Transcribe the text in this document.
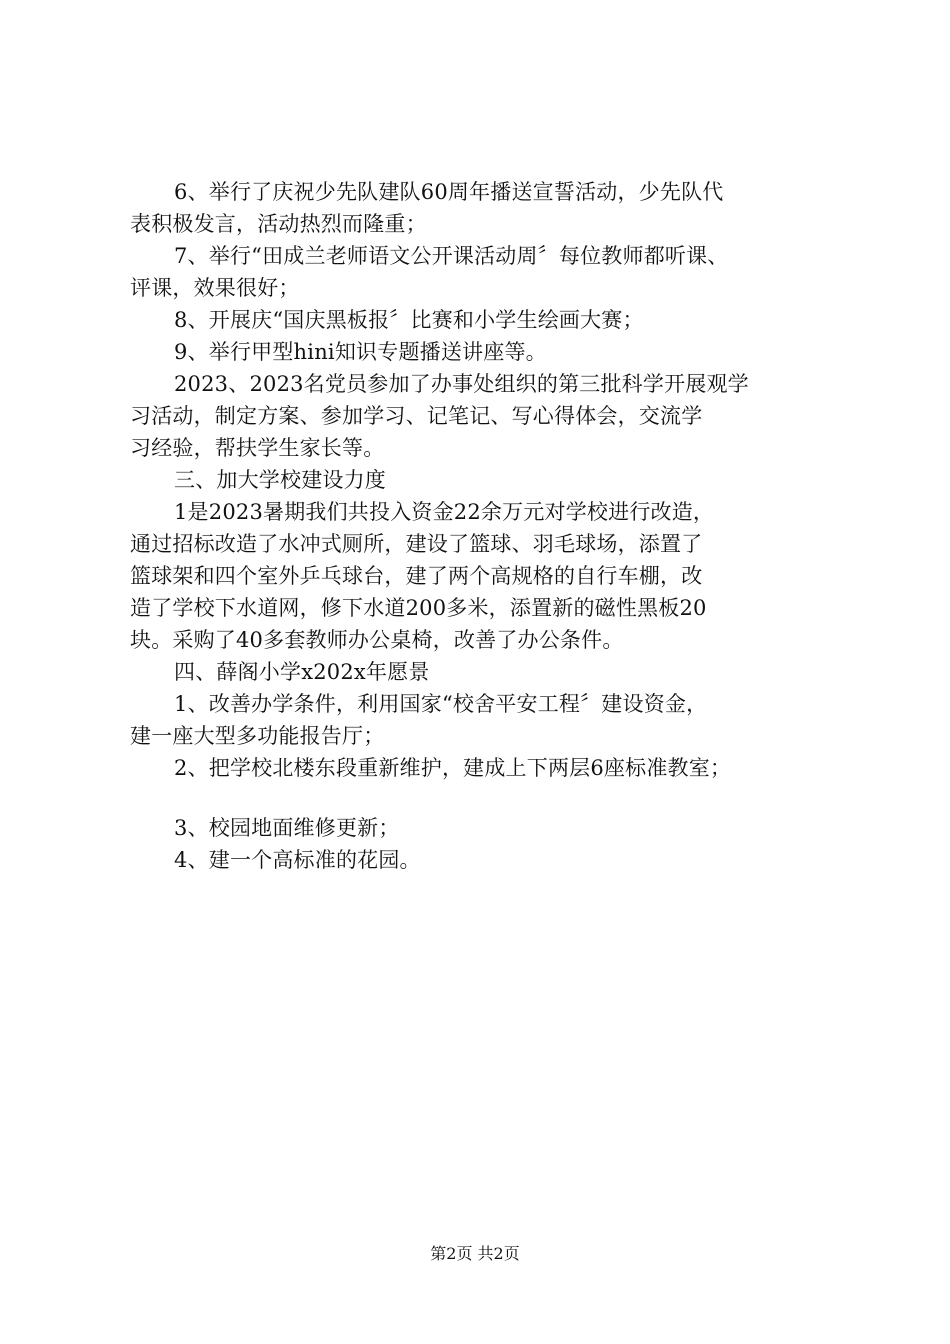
6、举行了庆祝少先队建队60周年播送宣誓活动，少先队代
表积极发言，活动热烈而隆重；
7、举行“田成兰老师语文公开课活动周〞每位教师都听课、
评课，效果很好；
8、开展庆“国庆黑板报〞比赛和小学生绘画大赛；
9、举行甲型hini知识专题播送讲座等。
2023、2023名党员参加了办事处组织的第三批科学开展观学
习活动，制定方案、参加学习、记笔记、写心得体会，交流学
习经验，帮扶学生家长等。
三、加大学校建设力度
1是2023暑期我们共投入资金22余万元对学校进行改造，
通过招标改造了水冲式厕所，建设了篮球、羽毛球场，添置了
篮球架和四个室外乒乓球台，建了两个高规格的自行车棚，改
造了学校下水道网，修下水道200多米，添置新的磁性黑板20
块。采购了40多套教师办公桌椅，改善了办公条件。
四、薛阁小学x202x年愿景
1、改善办学条件，利用国家“校舍平安工程〞建设资金，
建一座大型多功能报告厅；
2、把学校北楼东段重新维护，建成上下两层6座标准教室；
3、校园地面维修更新；
4、建一个高标准的花园。
第2页 共2页
